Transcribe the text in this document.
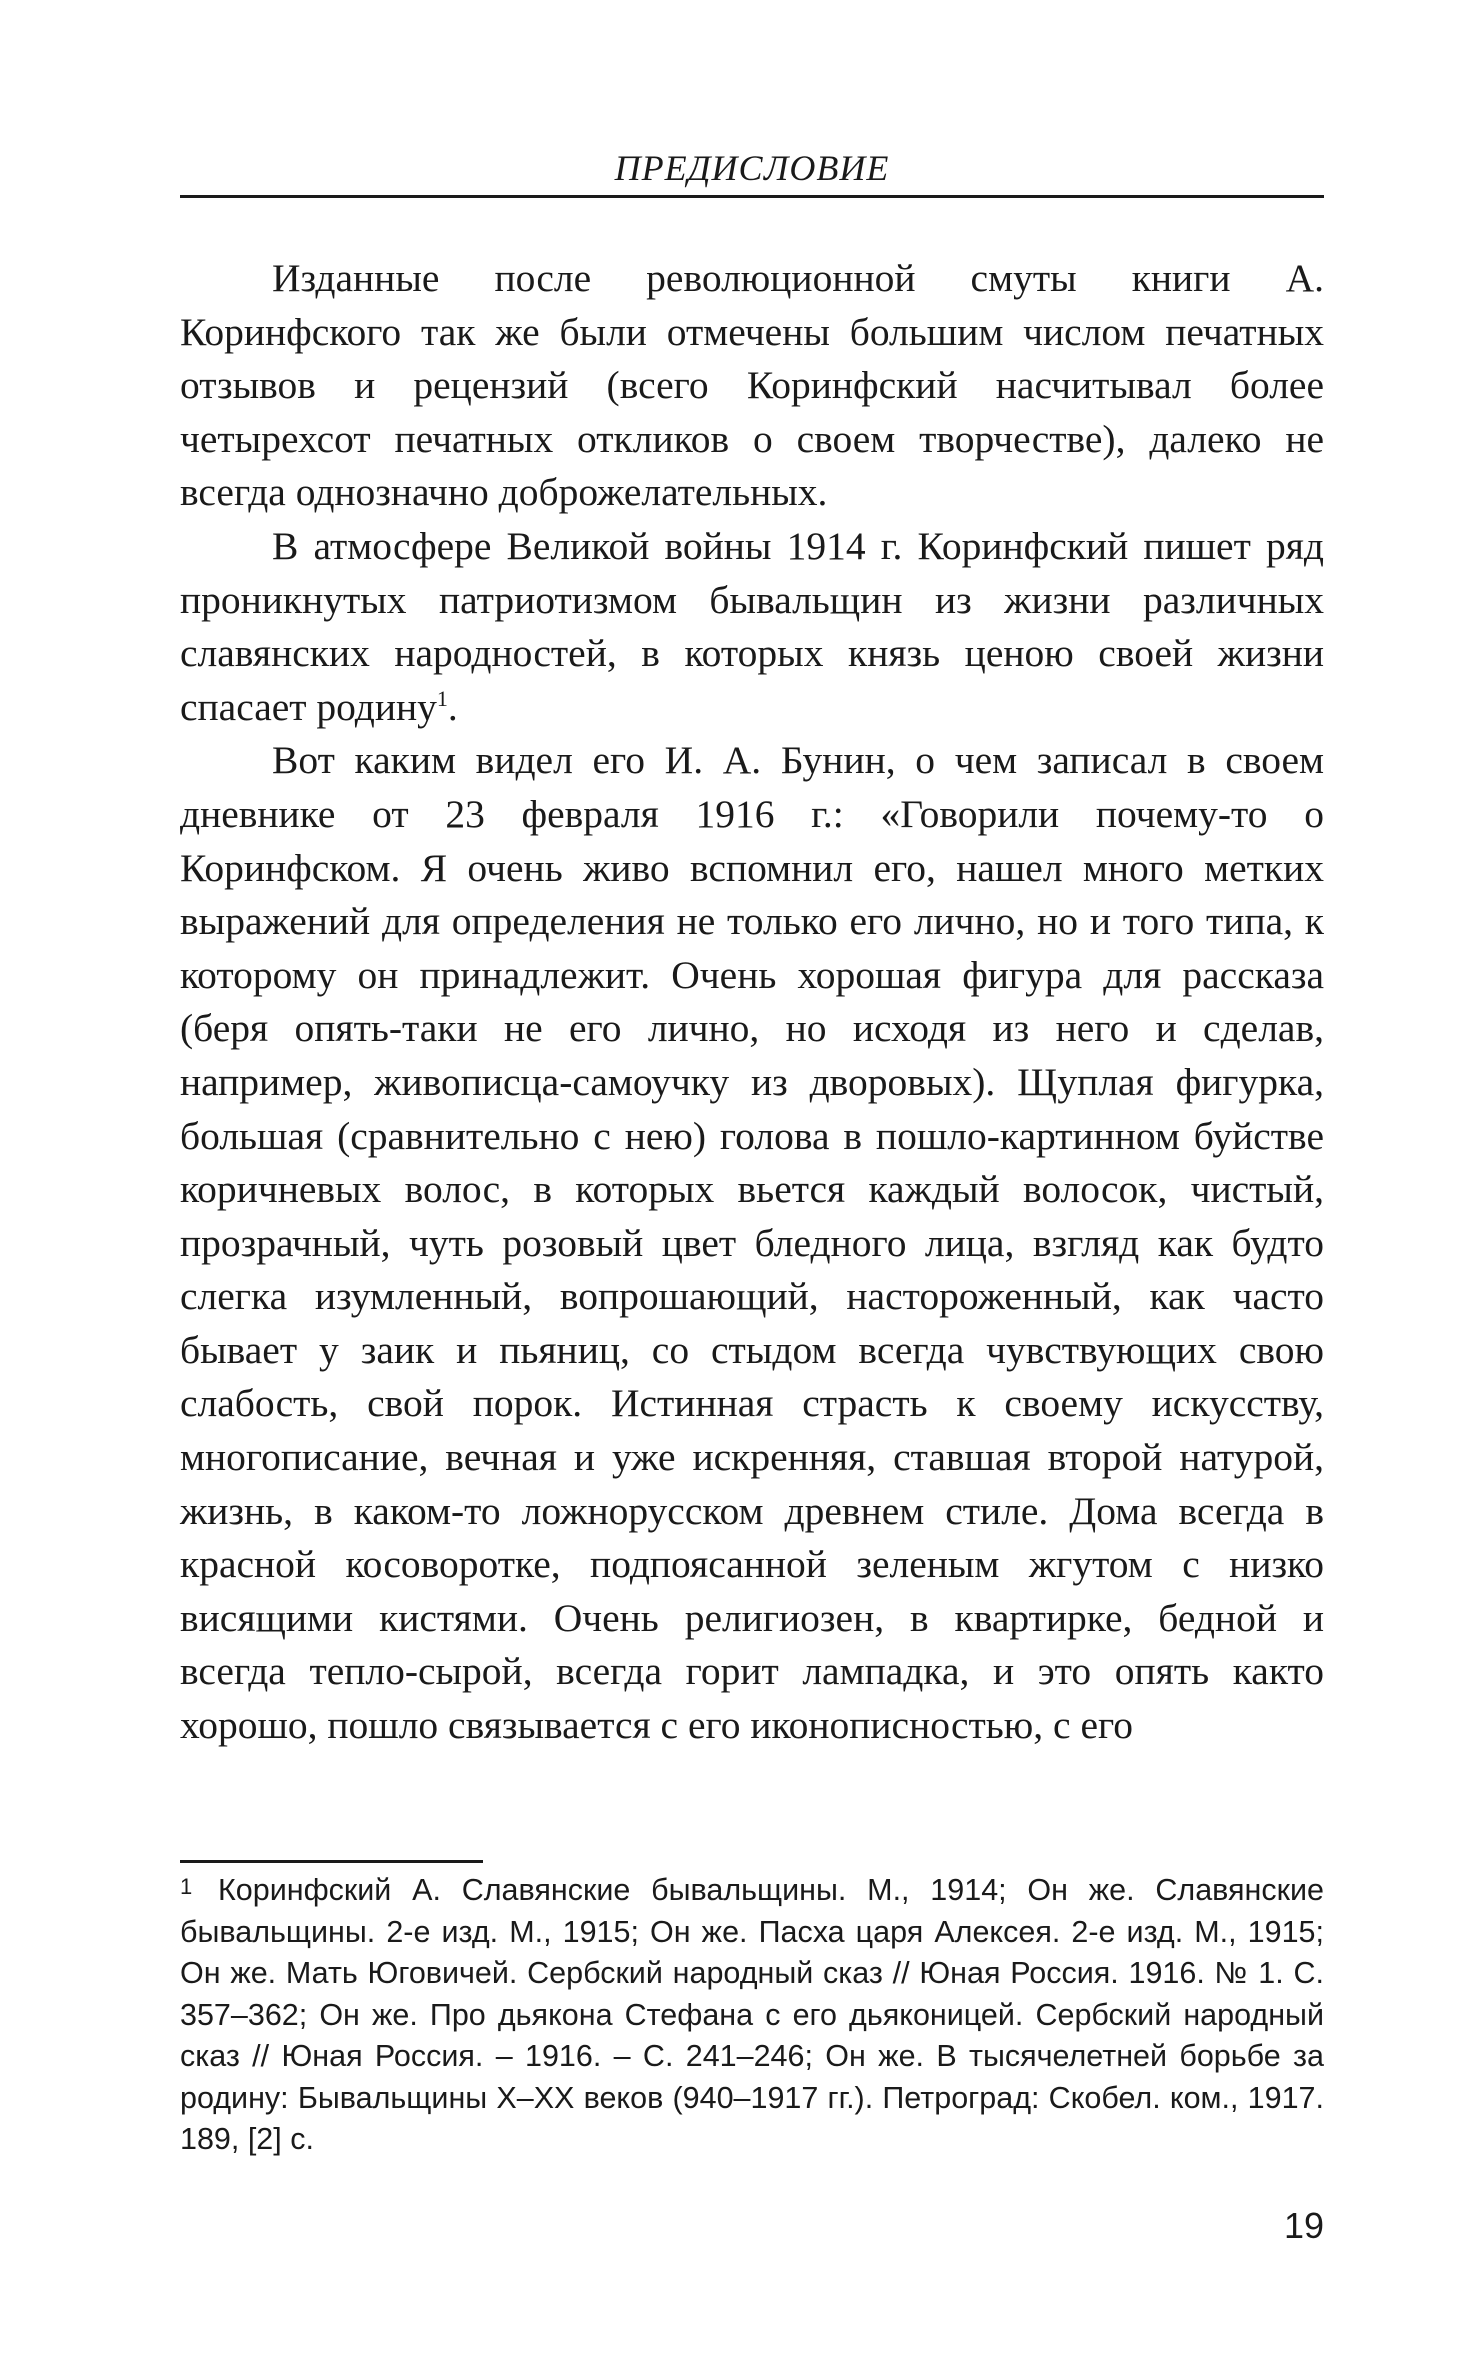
ПРЕДИСЛОВИЕ

Изданные после революционной смуты книги А. Коринфского так же были отмечены большим числом печатных отзывов и рецензий (всего Коринфский насчитывал более четырехсот печатных откликов о своем творчестве), далеко не всегда однозначно доброжелательных.

В атмосфере Великой войны 1914 г. Коринфский пишет ряд проникнутых патриотизмом бывальщин из жизни различных славянских народностей, в которых князь ценою своей жизни спасает родину$^1$.

Вот каким видел его И. А. Бунин, о чем записал в своем дневнике от 23 февраля 1916 г.: «Говорили почему-то о Коринфском. Я очень живо вспомнил его, нашел много метких выражений для определения не только его лично, но и того типа, к которому он принадлежит. Очень хорошая фигура для рассказа (беря опять-таки не его лично, но исходя из него и сделав, например, живописца-самоучку из дворовых). Щуплая фигурка, большая (сравнительно с нею) голова в пошло-картинном буйстве коричневых волос, в которых вьется каждый волосок, чистый, прозрачный, чуть розовый цвет бледного лица, взгляд как будто слегка изумленный, вопрошающий, настороженный, как часто бывает у заик и пьяниц, со стыдом всегда чувствующих свою слабость, свой порок. Истинная страсть к своему искусству, многописание, вечная и уже искренняя, ставшая второй натурой, жизнь, в каком-то ложнорусском древнем стиле. Дома всегда в красной косоворотке, подпоясанной зеленым жгутом с низко висящими кистями. Очень религиозен, в квартирке, бедной и всегда тепло-сырой, всегда горит лампадка, и это опять както хорошо, пошло связывается с его иконописностью, с его

1 Коринфский А. Славянские бывальщины. М., 1914; Он же. Славянские бывальщины. 2-е изд. М., 1915; Он же. Пасха царя Алексея. 2-е изд. М., 1915; Он же. Мать Юговичей. Сербский народный сказ // Юная Россия. 1916. № 1. С. 357–362; Он же. Про дьякона Стефана с его дьяконицей. Сербский народный сказ // Юная Россия. – 1916. – С. 241–246; Он же. В тысячелетней борьбе за родину: Бывальщины X–XX веков (940–1917 гг.). Петроград: Скобел. ком., 1917. 189, [2] с.
19
